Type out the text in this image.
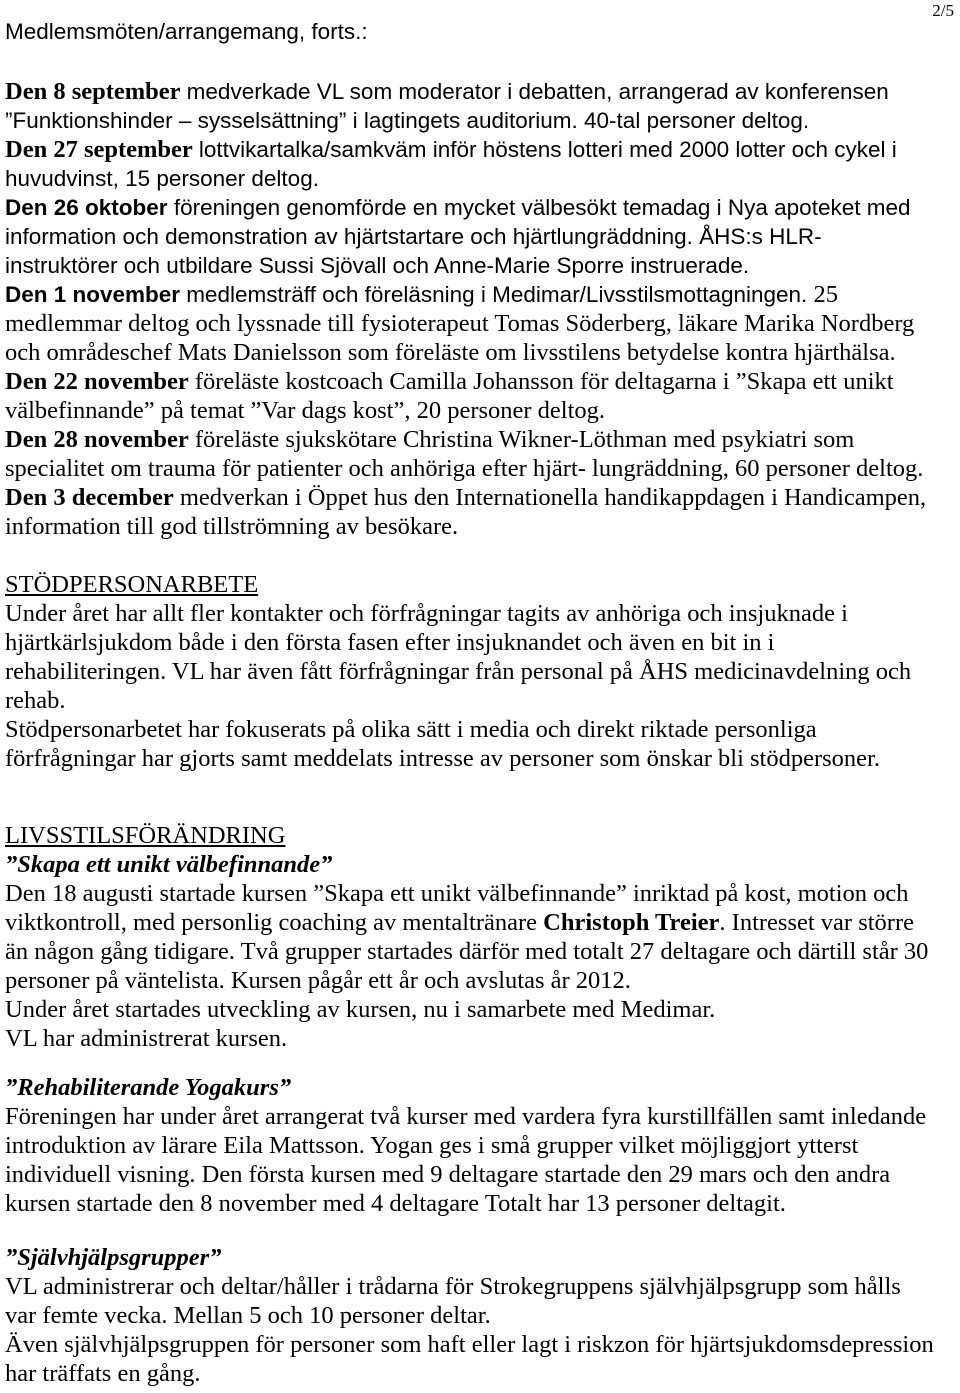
2/5
Medlemsmöten/arrangemang, forts.:
Den 8 september medverkade VL som moderator i debatten, arrangerad av konferensen
”Funktionshinder – sysselsättning” i lagtingets auditorium. 40-tal personer deltog.
Den 27 september lottvikartalka/samkväm inför höstens lotteri med 2000 lotter och cykel i
huvudvinst, 15 personer deltog.
Den 26 oktober föreningen genomförde en mycket välbesökt temadag i Nya apoteket med
information och demonstration av hjärtstartare och hjärtlungräddning. ÅHS:s HLR-
instruktörer och utbildare Sussi Sjövall och Anne-Marie Sporre instruerade.
Den 1 november medlemsträff och föreläsning i Medimar/Livsstilsmottagningen. 25
medlemmar deltog och lyssnade till fysioterapeut Tomas Söderberg, läkare Marika Nordberg
och områdeschef Mats Danielsson som föreläste om livsstilens betydelse kontra hjärthälsa.
Den 22 november föreläste kostcoach Camilla Johansson för deltagarna i ”Skapa ett unikt
välbefinnande” på temat ”Var dags kost”, 20 personer deltog.
Den 28 november föreläste sjukskötare Christina Wikner-Löthman med psykiatri som
specialitet om trauma för patienter och anhöriga efter hjärt- lungräddning, 60 personer deltog.
Den 3 december medverkan i Öppet hus den Internationella handikappdagen i Handicampen,
information till god tillströmning av besökare.
STÖDPERSONARBETE
Under året har allt fler kontakter och förfrågningar tagits av anhöriga och insjuknade i
hjärtkärlsjukdom både i den första fasen efter insjuknandet och även en bit in i
rehabiliteringen. VL har även fått förfrågningar från personal på ÅHS medicinavdelning och
rehab.
Stödpersonarbetet har fokuserats på olika sätt i media och direkt riktade personliga
förfrågningar har gjorts samt meddelats intresse av personer som önskar bli stödpersoner.
LIVSSTILSFÖRÄNDRING
”Skapa ett unikt välbefinnande”
Den 18 augusti startade kursen ”Skapa ett unikt välbefinnande” inriktad på kost, motion och
viktkontroll, med personlig coaching av mentaltränare Christoph Treier. Intresset var större
än någon gång tidigare. Två grupper startades därför med totalt 27 deltagare och därtill står 30
personer på väntelista. Kursen pågår ett år och avslutas år 2012.
Under året startades utveckling av kursen, nu i samarbete med Medimar.
VL har administrerat kursen.
”Rehabiliterande Yogakurs”
Föreningen har under året arrangerat två kurser med vardera fyra kurstillfällen samt inledande
introduktion av lärare Eila Mattsson. Yogan ges i små grupper vilket möjliggjort ytterst
individuell visning. Den första kursen med 9 deltagare startade den 29 mars och den andra
kursen startade den 8 november med 4 deltagare Totalt har 13 personer deltagit.
”Självhjälpsgrupper”
VL administrerar och deltar/håller i trådarna för Strokegruppens självhjälpsgrupp som hålls
var femte vecka. Mellan 5 och 10 personer deltar.
Även självhjälpsgruppen för personer som haft eller lagt i riskzon för hjärtsjukdomsdepression
har träffats en gång.
